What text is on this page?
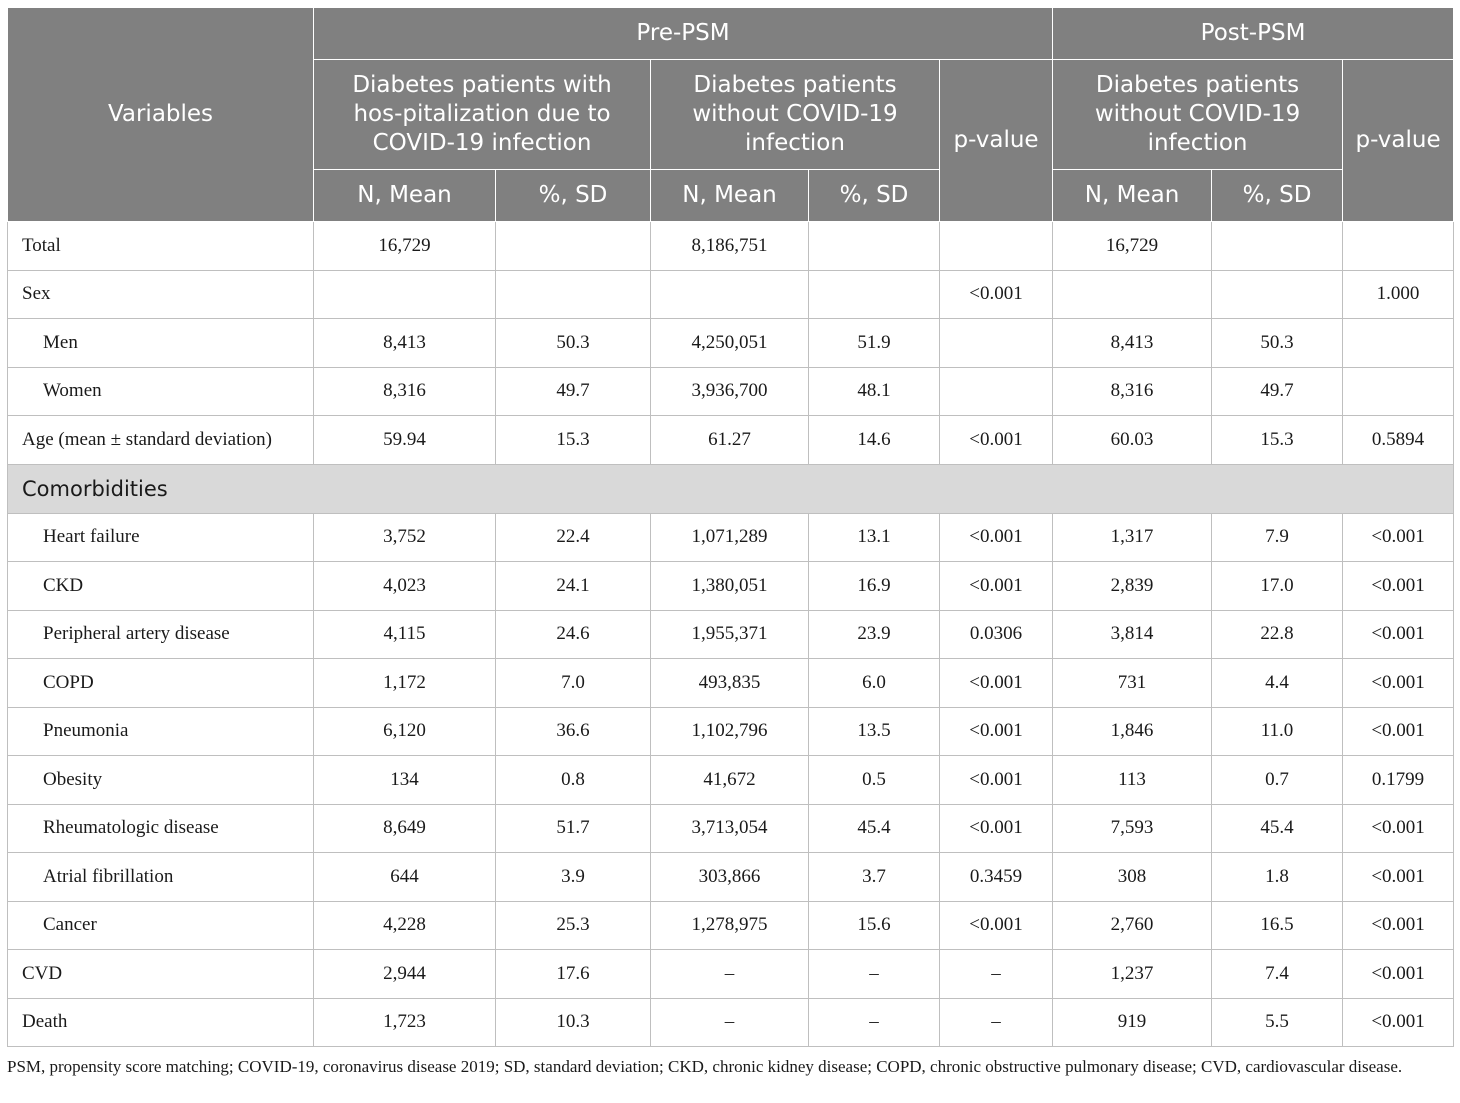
Variables	Pre-PSM					Post-PSM		
	Diabetes patients with hos-pitalization due to COVID-19 infection		Diabetes patients without COVID-19 infection		p-value	Diabetes patients without COVID-19 infection		p-value
	N, Mean	%, SD	N, Mean	%, SD		N, Mean	%, SD	
Total	16,729		8,186,751			16,729		
Sex					<0.001			1.000
Men	8,413	50.3	4,250,051	51.9		8,413	50.3	
Women	8,316	49.7	3,936,700	48.1		8,316	49.7	
Age (mean ± standard deviation)	59.94	15.3	61.27	14.6	<0.001	60.03	15.3	0.5894
Comorbidities								
Heart failure	3,752	22.4	1,071,289	13.1	<0.001	1,317	7.9	<0.001
CKD	4,023	24.1	1,380,051	16.9	<0.001	2,839	17.0	<0.001
Peripheral artery disease	4,115	24.6	1,955,371	23.9	0.0306	3,814	22.8	<0.001
COPD	1,172	7.0	493,835	6.0	<0.001	731	4.4	<0.001
Pneumonia	6,120	36.6	1,102,796	13.5	<0.001	1,846	11.0	<0.001
Obesity	134	0.8	41,672	0.5	<0.001	113	0.7	0.1799
Rheumatologic disease	8,649	51.7	3,713,054	45.4	<0.001	7,593	45.4	<0.001
Atrial fibrillation	644	3.9	303,866	3.7	0.3459	308	1.8	<0.001
Cancer	4,228	25.3	1,278,975	15.6	<0.001	2,760	16.5	<0.001
CVD	2,944	17.6	–	–	–	1,237	7.4	<0.001
Death	1,723	10.3	–	–	–	919	5.5	<0.001
PSM, propensity score matching; COVID-19, coronavirus disease 2019; SD, standard deviation; CKD, chronic kidney disease; COPD, chronic obstructive pulmonary disease; CVD, cardiovascular disease.
